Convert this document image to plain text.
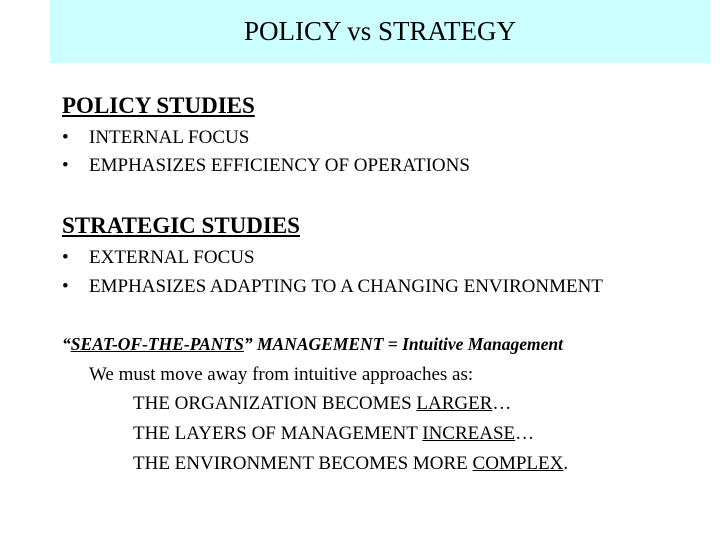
POLICY vs STRATEGY
POLICY STUDIES
• INTERNAL FOCUS
• EMPHASIZES EFFICIENCY OF OPERATIONS
STRATEGIC STUDIES
• EXTERNAL FOCUS
• EMPHASIZES ADAPTING TO A CHANGING ENVIRONMENT
“SEAT-OF-THE-PANTS” MANAGEMENT = Intuitive Management
We must move away from intuitive approaches as:
THE ORGANIZATION BECOMES LARGER…
THE LAYERS OF MANAGEMENT INCREASE…
THE ENVIRONMENT BECOMES MORE COMPLEX.
